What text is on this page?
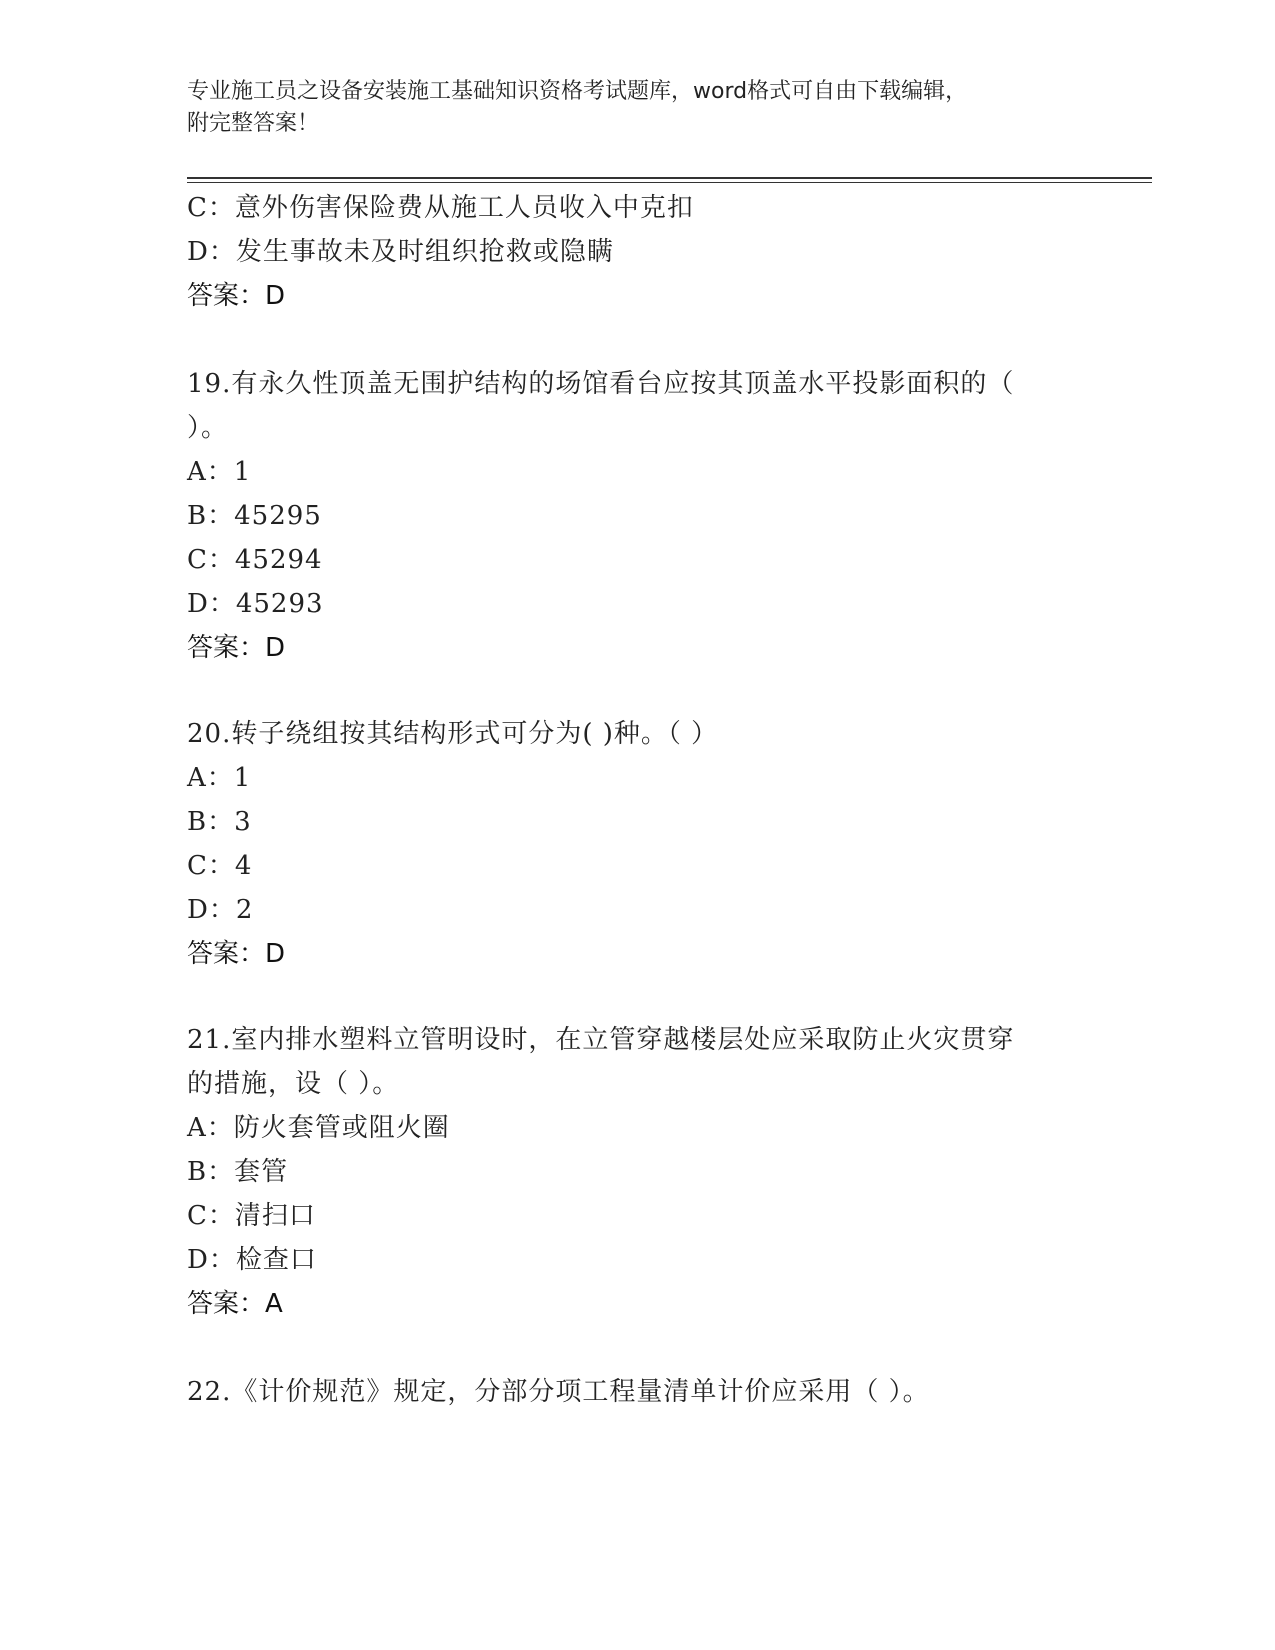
专业施工员之设备安装施工基础知识资格考试题库，word格式可自由下载编辑，
附完整答案！
C：意外伤害保险费从施工人员收入中克扣
D：发生事故未及时组织抢救或隐瞒
答案：D
19.有永久性顶盖无围护结构的场馆看台应按其顶盖水平投影面积的（
）。
A：1
B：45295
C：45294
D：45293
答案：D
20.转子绕组按其结构形式可分为( )种。（ ）
A：1
B：3
C：4
D：2
答案：D
21.室内排水塑料立管明设时，在立管穿越楼层处应采取防止火灾贯穿
的措施，设（ ）。
A：防火套管或阻火圈
B：套管
C：清扫口
D：检查口
答案：A
22.《计价规范》规定，分部分项工程量清单计价应采用（ ）。
